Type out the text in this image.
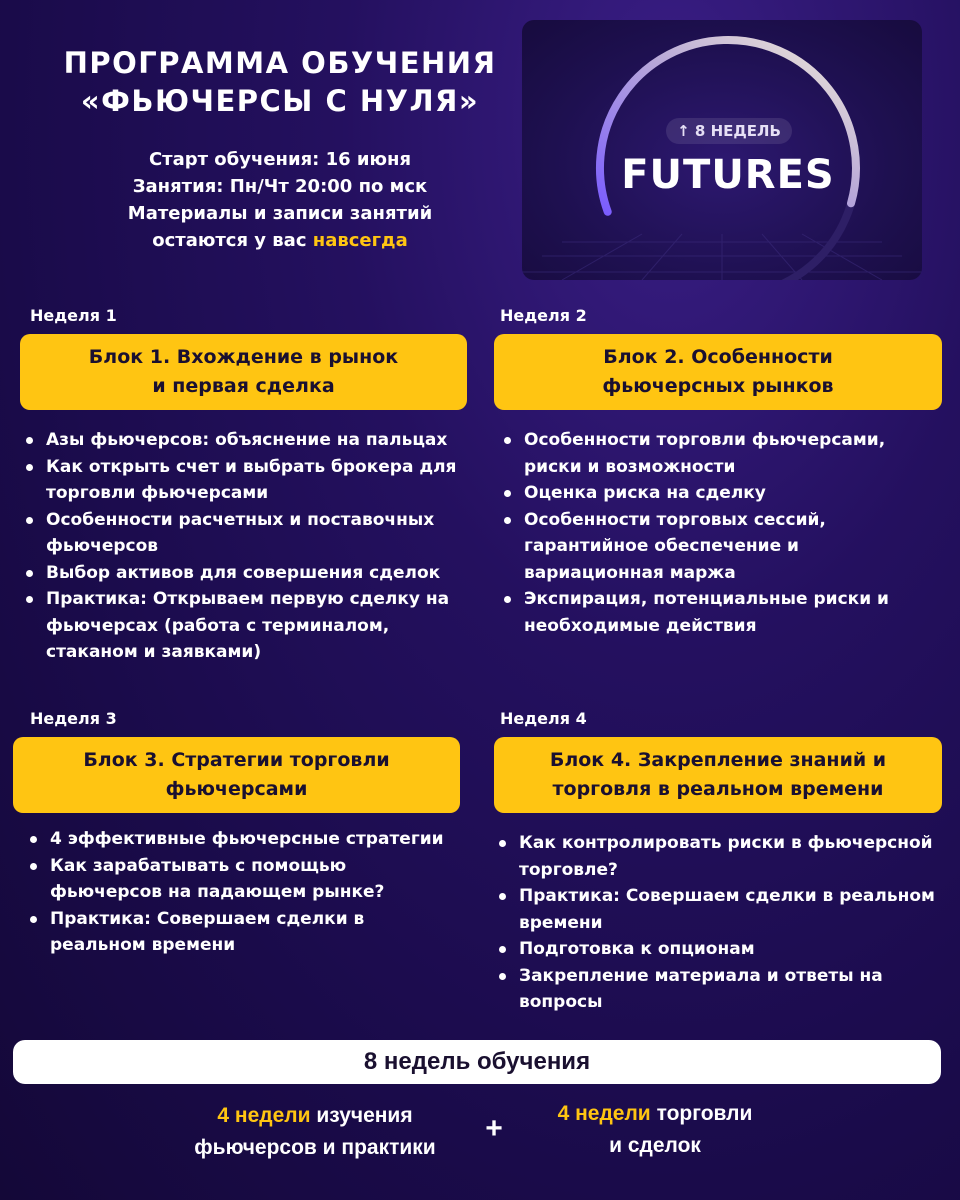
ПРОГРАММА ОБУЧЕНИЯ
«ФЬЮЧЕРСЫ С НУЛЯ»
Старт обучения: 16 июня
Занятия: Пн/Чт 20:00 по мск
Материалы и записи занятий
остаются у вас навсегда
↑ 8 НЕДЕЛЬ
FUTURES
Неделя 1
Блок 1. Вхождение в рынок
и первая сделка
Азы фьючерсов: объяснение на пальцах
Как открыть счет и выбрать брокера для торговли фьючерсами
Особенности расчетных и поставочных фьючерсов
Выбор активов для совершения сделок
Практика: Открываем первую сделку на фьючерсах (работа с терминалом, стаканом и заявками)
Неделя 2
Блок 2. Особенности
фьючерсных рынков
Особенности торговли фьючерсами, риски и возможности
Оценка риска на сделку
Особенности торговых сессий, гарантийное обеспечение и вариационная маржа
Экспирация, потенциальные риски и необходимые действия
Неделя 3
Блок 3. Стратегии торговли
фьючерсами
4 эффективные фьючерсные стратегии
Как зарабатывать с помощью фьючерсов на падающем рынке?
Практика: Совершаем сделки в реальном времени
Неделя 4
Блок 4. Закрепление знаний и
торговля в реальном времени
Как контролировать риски в фьючерсной торговле?
Практика: Совершаем сделки в реальном времени
Подготовка к опционам
Закрепление материала и ответы на вопросы
8 недель обучения
4 недели изучения
фьючерсов и практики
+	4 недели торговли
и сделок
